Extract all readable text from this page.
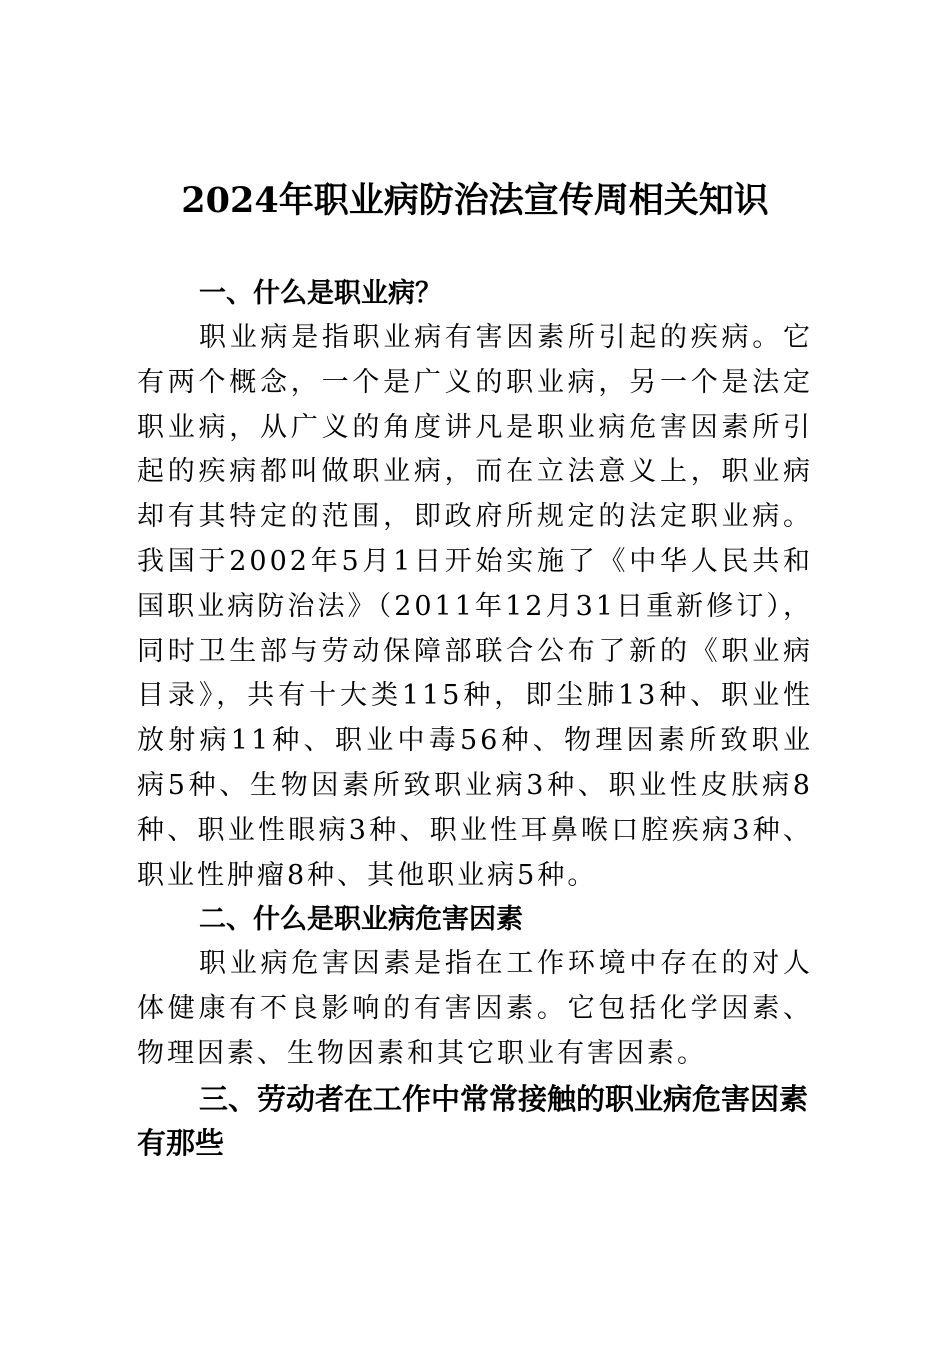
2024年职业病防治法宣传周相关知识

一、什么是职业病？

职业病是指职业病有害因素所引起的疾病。它有两个概念，一个是广义的职业病，另一个是法定职业病，从广义的角度讲凡是职业病危害因素所引起的疾病都叫做职业病，而在立法意义上，职业病却有其特定的范围，即政府所规定的法定职业病。我国于2002年5月1日开始实施了《中华人民共和国职业病防治法》（2011年12月31日重新修订），同时卫生部与劳动保障部联合公布了新的《职业病目录》，共有十大类115种，即尘肺13种、职业性放射病11种、职业中毒56种、物理因素所致职业病5种、生物因素所致职业病3种、职业性皮肤病8种、职业性眼病3种、职业性耳鼻喉口腔疾病3种、职业性肿瘤8种、其他职业病5种。

二、什么是职业病危害因素

职业病危害因素是指在工作环境中存在的对人体健康有不良影响的有害因素。它包括化学因素、物理因素、生物因素和其它职业有害因素。

三、劳动者在工作中常常接触的职业病危害因素有那些
